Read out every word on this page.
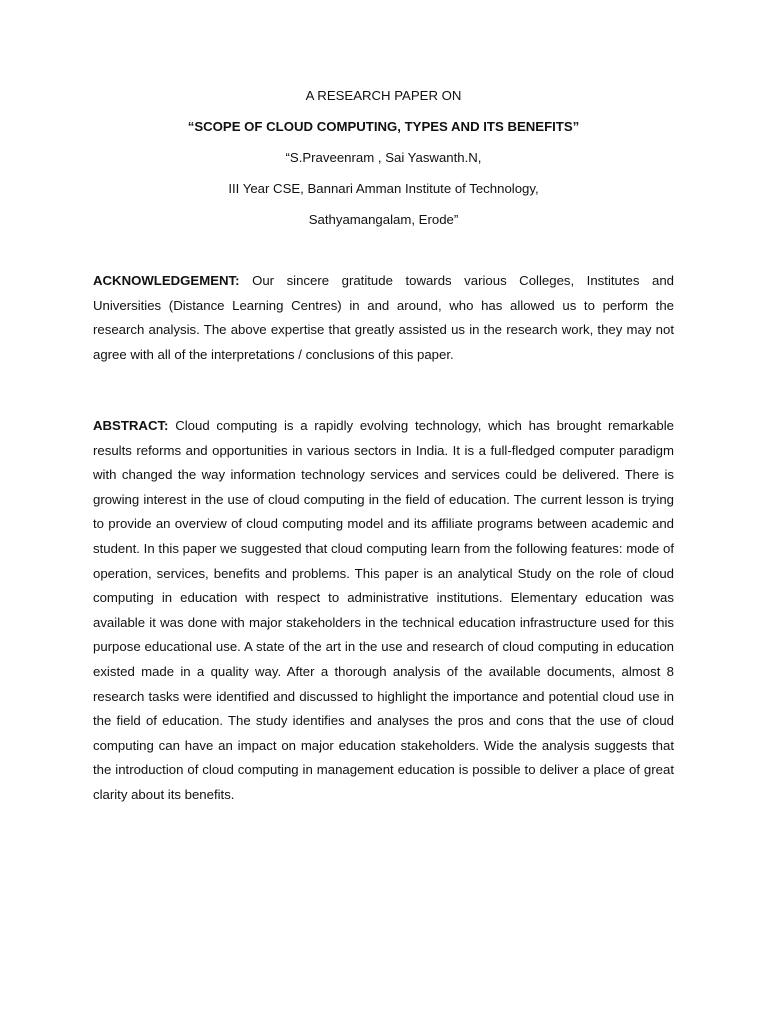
A RESEARCH PAPER ON
“SCOPE OF CLOUD COMPUTING, TYPES AND ITS BENEFITS”
“S.Praveenram , Sai Yaswanth.N,
III Year CSE, Bannari Amman Institute of Technology,
Sathyamangalam, Erode”
ACKNOWLEDGEMENT: Our sincere gratitude towards various Colleges, Institutes and Universities (Distance Learning Centres) in and around, who has allowed us to perform the research analysis. The above expertise that greatly assisted us in the research work, they may not agree with all of the interpretations / conclusions of this paper.
ABSTRACT: Cloud computing is a rapidly evolving technology, which has brought remarkable results reforms and opportunities in various sectors in India. It is a full-fledged computer paradigm with changed the way information technology services and services could be delivered. There is growing interest in the use of cloud computing in the field of education. The current lesson is trying to provide an overview of cloud computing model and its affiliate programs between academic and student. In this paper we suggested that cloud computing learn from the following features: mode of operation, services, benefits and problems. This paper is an analytical Study on the role of cloud computing in education with respect to administrative institutions. Elementary education was available it was done with major stakeholders in the technical education infrastructure used for this purpose educational use. A state of the art in the use and research of cloud computing in education existed made in a quality way. After a thorough analysis of the available documents, almost 8 research tasks were identified and discussed to highlight the importance and potential cloud use in the field of education. The study identifies and analyses the pros and cons that the use of cloud computing can have an impact on major education stakeholders. Wide the analysis suggests that the introduction of cloud computing in management education is possible to deliver a place of great clarity about its benefits.
